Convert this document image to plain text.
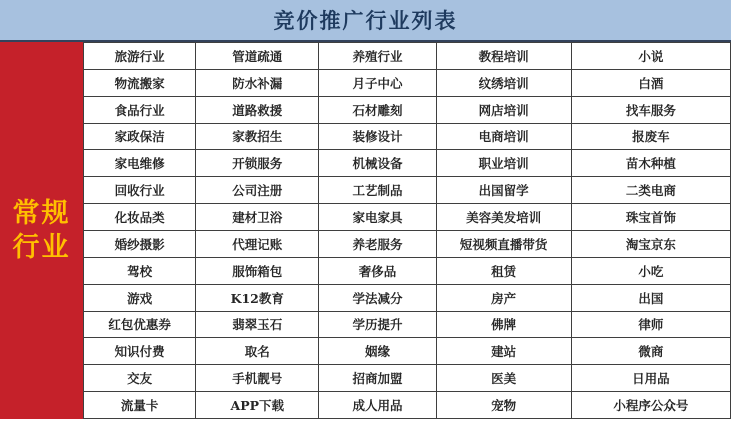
竞价推广行业列表
常规
行业
旅游行业	管道疏通	养殖行业	教程培训	小说
物流搬家	防水补漏	月子中心	纹绣培训	白酒
食品行业	道路救援	石材雕刻	网店培训	找车服务
家政保洁	家教招生	装修设计	电商培训	报废车
家电维修	开锁服务	机械设备	职业培训	苗木种植
回收行业	公司注册	工艺制品	出国留学	二类电商
化妆品类	建材卫浴	家电家具	美容美发培训	珠宝首饰
婚纱摄影	代理记账	养老服务	短视频直播带货	淘宝京东
驾校	服饰箱包	奢侈品	租赁	小吃
游戏	K12教育	学法减分	房产	出国
红包优惠券	翡翠玉石	学历提升	佛牌	律师
知识付费	取名	姻缘	建站	微商
交友	手机靓号	招商加盟	医美	日用品
流量卡	APP下载	成人用品	宠物	小程序公众号
